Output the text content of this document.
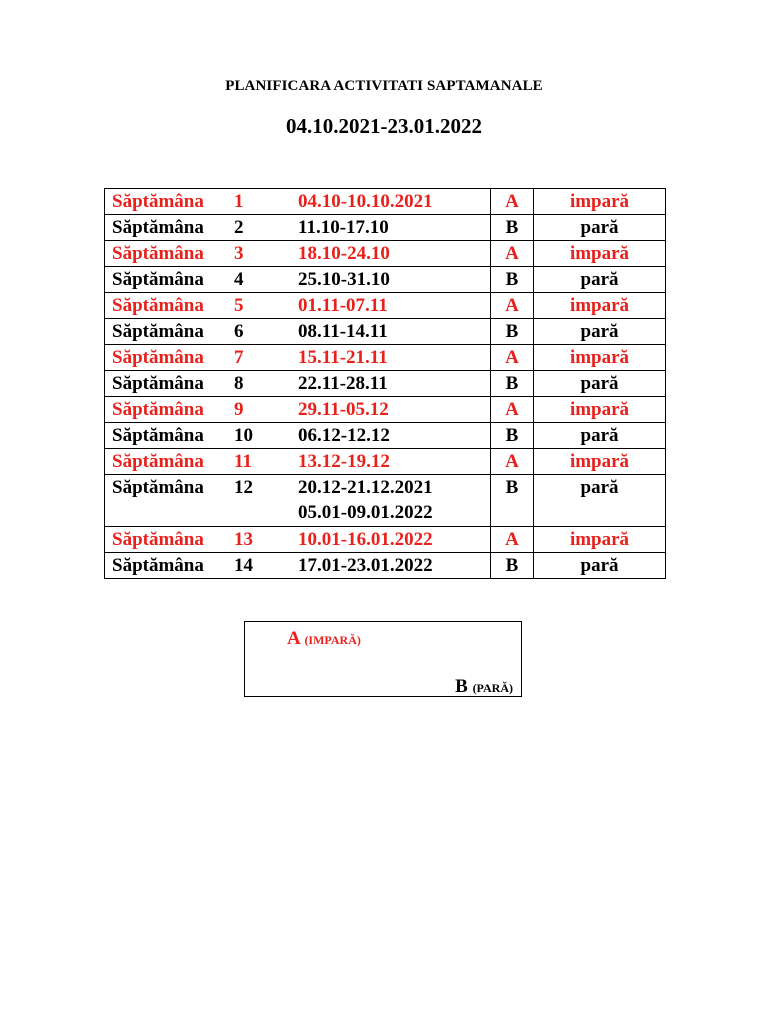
PLANIFICARA ACTIVITATI SAPTAMANALE
04.10.2021-23.01.2022
Săptămâna 1 04.10-10.10.2021	A	impară

Săptămâna 2 11.10-17.10	B	pară

Săptămâna 3 18.10-24.10	A	impară

Săptămâna 4 25.10-31.10	B	pară

Săptămâna 5 01.11-07.11	A	impară

Săptămâna 6 08.11-14.11	B	pară

Săptămâna 7 15.11-21.11	A	impară

Săptămâna 8 22.11-28.11	B	pară

Săptămâna 9 29.11-05.12	A	impară

Săptămâna 10 06.12-12.12	B	pară

Săptămâna 11 13.12-19.12	A	impară

Săptămâna 12 20.12-21.12.2021
05.01-09.01.2022	B	pară

Săptămâna 13 10.01-16.01.2022	A	impară

Săptămâna 14 17.01-23.01.2022	B	pară
A (IMPARĂ)
B (PARĂ)
